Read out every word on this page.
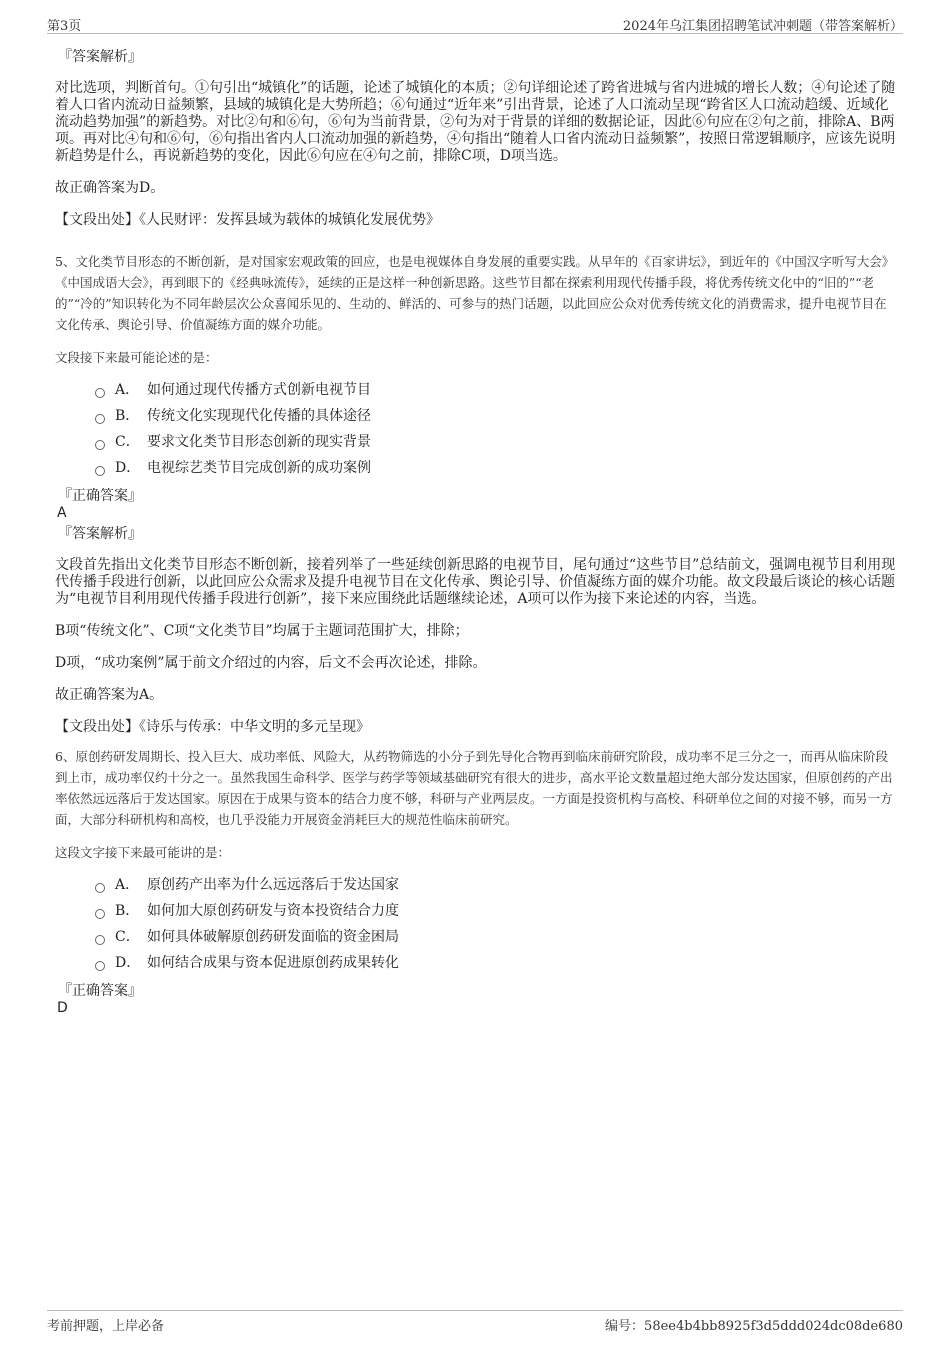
第3页	2024年乌江集团招聘笔试冲刺题（带答案解析）
『答案解析』

对比选项，判断首句。①句引出“城镇化”的话题，论述了城镇化的本质；②句详细论述了跨省进城与省内进城的增长人数；④句论述了随着人口省内流动日益频繁，县域的城镇化是大势所趋；⑥句通过“近年来”引出背景，论述了人口流动呈现“跨省区人口流动趋缓、近域化流动趋势加强”的新趋势。对比②句和⑥句，⑥句为当前背景，②句为对于背景的详细的数据论证，因此⑥句应在②句之前，排除A、B两项。再对比④句和⑥句，⑥句指出省内人口流动加强的新趋势，④句指出“随着人口省内流动日益频繁”，按照日常逻辑顺序，应该先说明新趋势是什么，再说新趋势的变化，因此⑥句应在④句之前，排除C项，D项当选。

故正确答案为D。

【文段出处】《人民财评：发挥县域为载体的城镇化发展优势》

5、文化类节目形态的不断创新，是对国家宏观政策的回应，也是电视媒体自身发展的重要实践。从早年的《百家讲坛》，到近年的《中国汉字听写大会》《中国成语大会》，再到眼下的《经典咏流传》，延续的正是这样一种创新思路。这些节目都在探索利用现代传播手段，将优秀传统文化中的“旧的”“老的”“冷的”知识转化为不同年龄层次公众喜闻乐见的、生动的、鲜活的、可参与的热门话题，以此回应公众对优秀传统文化的消费需求，提升电视节目在文化传承、舆论引导、价值凝练方面的媒介功能。

文段接下来最可能论述的是：

A． 如何通过现代传播方式创新电视节目
B． 传统文化实现现代化传播的具体途径
C． 要求文化类节目形态创新的现实背景
D． 电视综艺类节目完成创新的成功案例
『正确答案』
A
『答案解析』

文段首先指出文化类节目形态不断创新，接着列举了一些延续创新思路的电视节目，尾句通过“这些节目”总结前文，强调电视节目利用现代传播手段进行创新，以此回应公众需求及提升电视节目在文化传承、舆论引导、价值凝练方面的媒介功能。故文段最后谈论的核心话题为“电视节目利用现代传播手段进行创新”，接下来应围绕此话题继续论述，A项可以作为接下来论述的内容，当选。

B项“传统文化”、C项“文化类节目”均属于主题词范围扩大，排除；

D项，“成功案例”属于前文介绍过的内容，后文不会再次论述，排除。

故正确答案为A。

【文段出处】《诗乐与传承：中华文明的多元呈现》

6、原创药研发周期长、投入巨大、成功率低、风险大，从药物筛选的小分子到先导化合物再到临床前研究阶段，成功率不足三分之一，而再从临床阶段到上市，成功率仅约十分之一。虽然我国生命科学、医学与药学等领域基础研究有很大的进步，高水平论文数量超过绝大部分发达国家，但原创药的产出率依然远远落后于发达国家。原因在于成果与资本的结合力度不够，科研与产业两层皮。一方面是投资机构与高校、科研单位之间的对接不够，而另一方面，大部分科研机构和高校，也几乎没能力开展资金消耗巨大的规范性临床前研究。

这段文字接下来最可能讲的是：

A． 原创药产出率为什么远远落后于发达国家
B． 如何加大原创药研发与资本投资结合力度
C． 如何具体破解原创药研发面临的资金困局
D． 如何结合成果与资本促进原创药成果转化
『正确答案』
D
考前押题，上岸必备	编号：58ee4b4bb8925f3d5ddd024dc08de680
